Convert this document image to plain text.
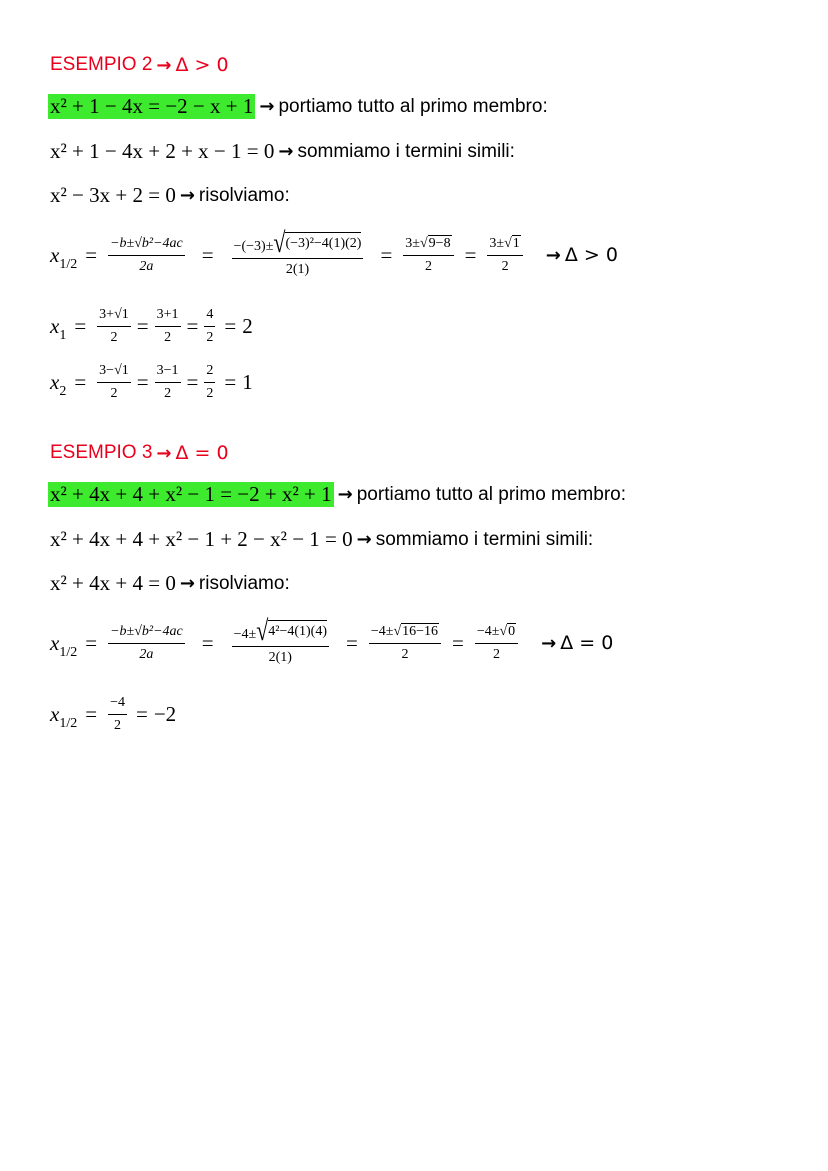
ESEMPIO 2 → Δ > 0
x² + 1 − 4x = −2 − x + 1 → portiamo tutto al primo membro:
x² + 1 − 4x + 2 + x − 1 = 0 → sommiamo i termini simili:
x² − 3x + 2 = 0 → risolviamo:
$x_{1/2} = \frac{\text{−b±√b²−4ac}}{2a} = \frac{\text{−(−3)± √ (−3)²−4(1)(2)}}{2(1)} = \frac{3\pm√9-8}{2} = \frac{3\pm√1}{2} \to \Delta > 0$
$x_1 = \frac{3+√1}{2} = \frac{3+1}{2} = \frac{4}{2} = 2$
$x_2 = \frac{3-√1}{2} = \frac{3-1}{2} = \frac{2}{2} = 1$
ESEMPIO 3 → Δ = 0
x² + 4x + 4 + x² − 1 = −2 + x² + 1 → portiamo tutto al primo membro:
x² + 4x + 4 + x² − 1 + 2 − x² − 1 = 0 → sommiamo i termini simili:
x² + 4x + 4 = 0 → risolviamo:
$x_{1/2} = \frac{\text{−b±√b²−4ac}}{2a} = \frac{\text{−4± √ 4²−4(1)(4)}}{2(1)} = \frac{-4\pm√16-16}{2} = \frac{-4\pm√0}{2} \to \Delta = 0$
$x_{1/2} = \frac{-4}{2} = -2$
